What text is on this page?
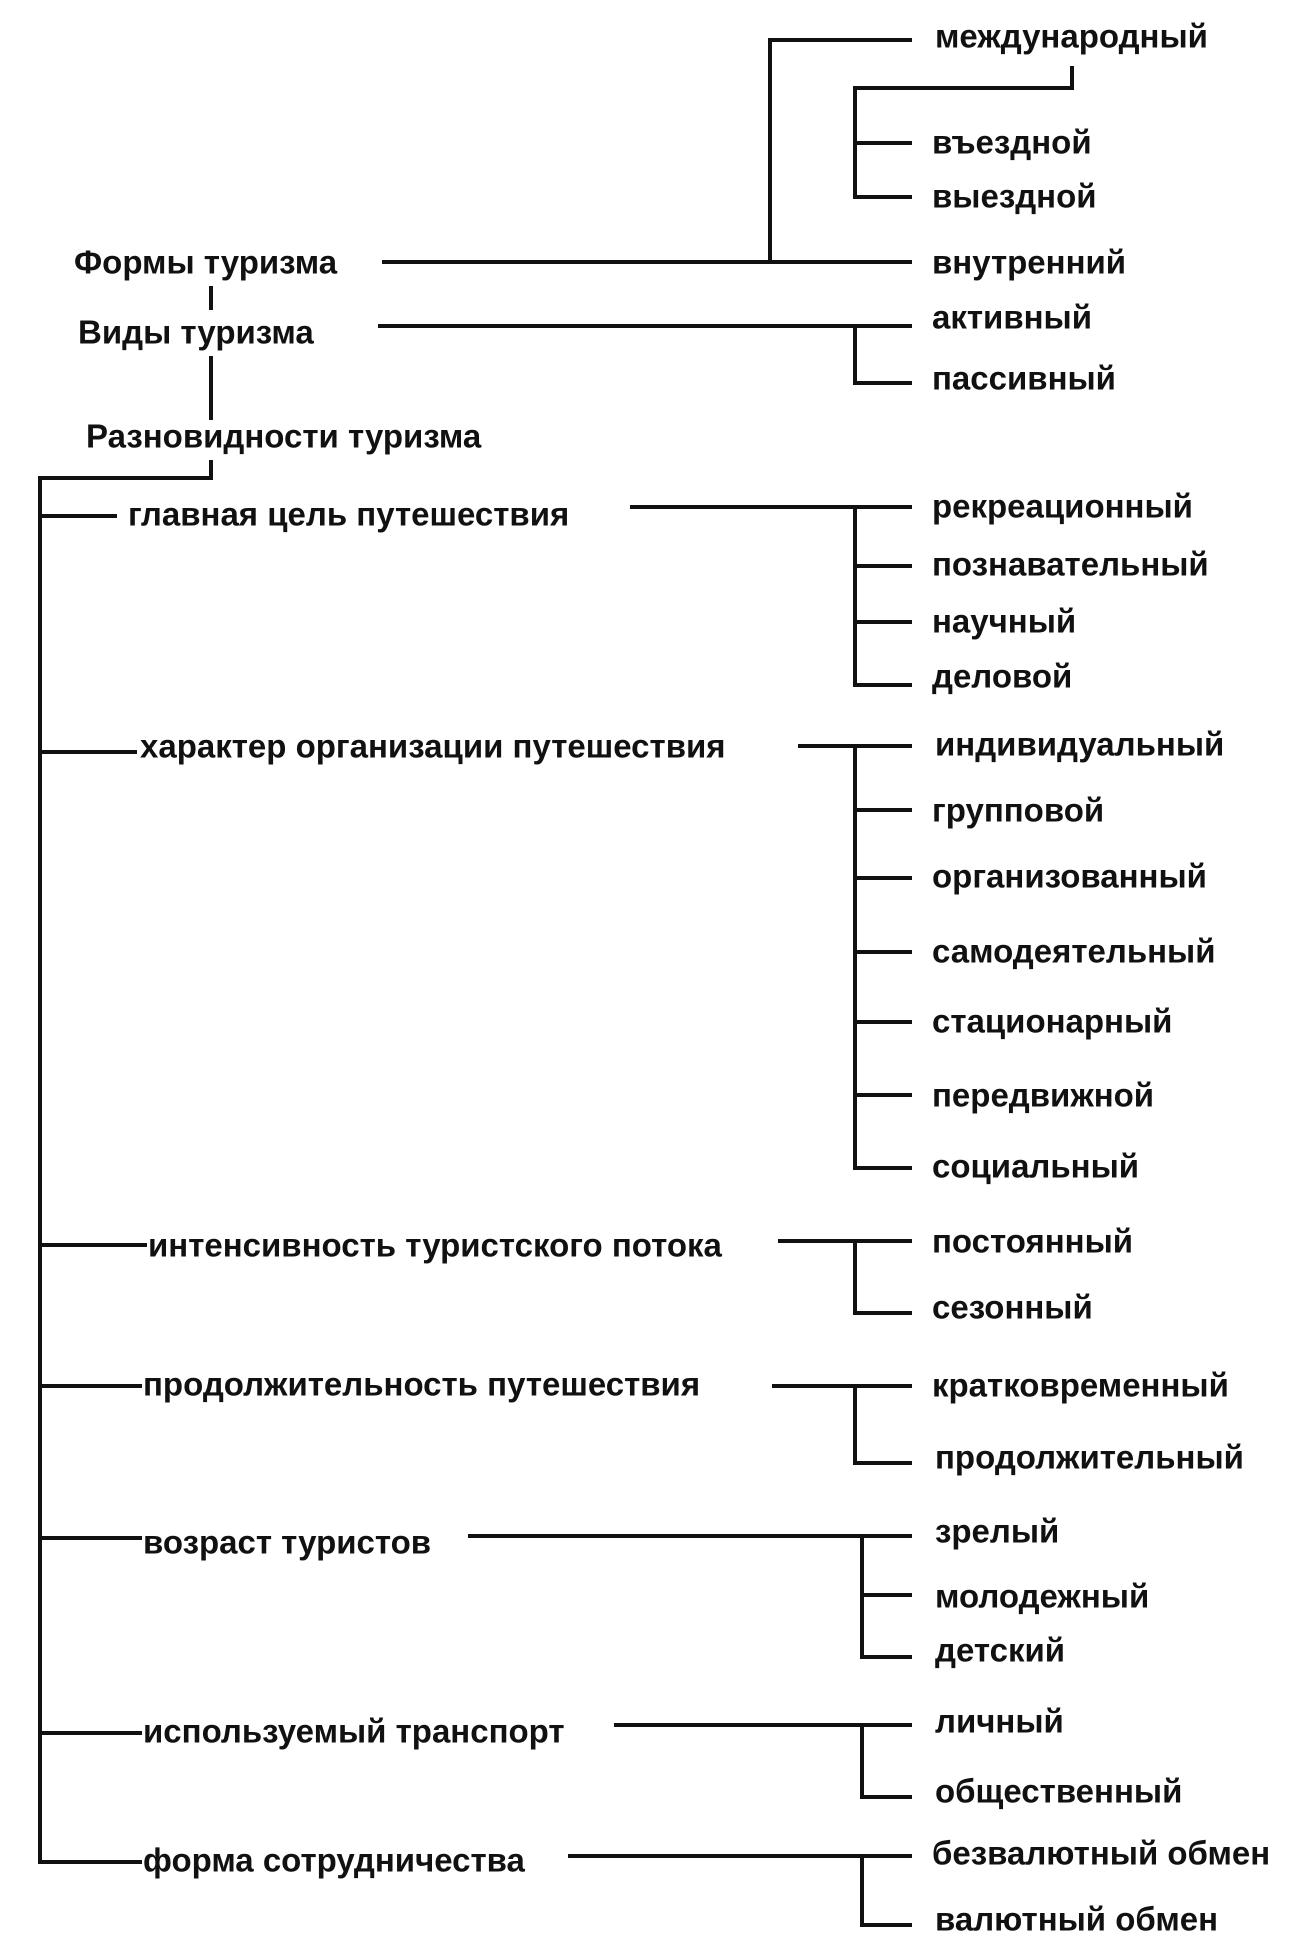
Формы туризма
международный
въездной
выездной
внутренний
Виды туризма	активный
пассивный
Разновидности туризма
главная цель путешествия	рекреационный
познавательный
научный
деловой
характер организации путешествия	индивидуальный
групповой
организованный
самодеятельный
стационарный
передвижной
социальный
интенсивность туристского потока	постоянный
сезонный
продолжительность путешествия	кратковременный
продолжительный
возраст туристов	зрелый
молодежный
детский
используемый транспорт	личный
общественный
форма сотрудничества	безвалютный обмен
валютный обмен
